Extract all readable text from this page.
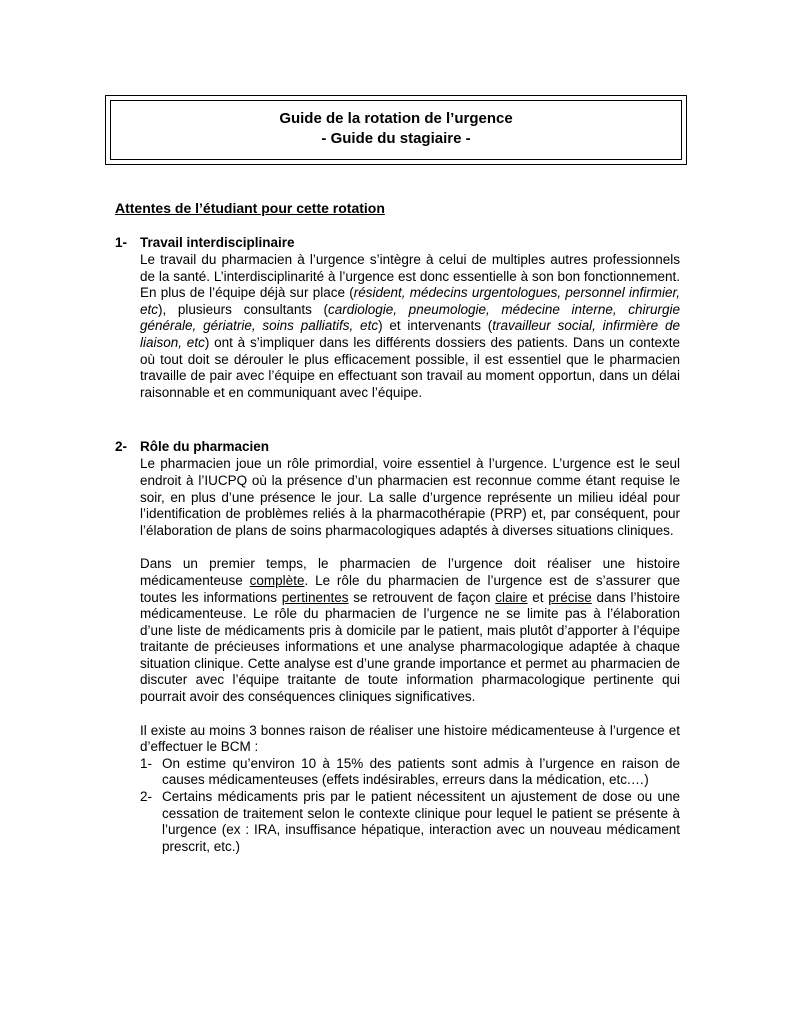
Guide de la rotation de l’urgence
- Guide du stagiaire -
Attentes de l’étudiant pour cette rotation
1- Travail interdisciplinaire

Le travail du pharmacien à l’urgence s’intègre à celui de multiples autres professionnels de la santé. L’interdisciplinarité à l’urgence est donc essentielle à son bon fonctionnement. En plus de l’équipe déjà sur place (résident, médecins urgentologues, personnel infirmier, etc), plusieurs consultants (cardiologie, pneumologie, médecine interne, chirurgie générale, gériatrie, soins palliatifs, etc) et intervenants (travailleur social, infirmière de liaison, etc) ont à s’impliquer dans les différents dossiers des patients. Dans un contexte où tout doit se dérouler le plus efficacement possible, il est essentiel que le pharmacien travaille de pair avec l’équipe en effectuant son travail au moment opportun, dans un délai raisonnable et en communiquant avec l’équipe.

2- Rôle du pharmacien

Le pharmacien joue un rôle primordial, voire essentiel à l’urgence. L’urgence est le seul endroit à l’IUCPQ où la présence d’un pharmacien est reconnue comme étant requise le soir, en plus d’une présence le jour. La salle d’urgence représente un milieu idéal pour l’identification de problèmes reliés à la pharmacothérapie (PRP) et, par conséquent, pour l’élaboration de plans de soins pharmacologiques adaptés à diverses situations cliniques.

Dans un premier temps, le pharmacien de l’urgence doit réaliser une histoire médicamenteuse complète. Le rôle du pharmacien de l’urgence est de s’assurer que toutes les informations pertinentes se retrouvent de façon claire et précise dans l’histoire médicamenteuse. Le rôle du pharmacien de l’urgence ne se limite pas à l’élaboration d’une liste de médicaments pris à domicile par le patient, mais plutôt d’apporter à l’équipe traitante de précieuses informations et une analyse pharmacologique adaptée à chaque situation clinique. Cette analyse est d’une grande importance et permet au pharmacien de discuter avec l’équipe traitante de toute information pharmacologique pertinente qui pourrait avoir des conséquences cliniques significatives.

Il existe au moins 3 bonnes raison de réaliser une histoire médicamenteuse à l’urgence et d’effectuer le BCM :

1- On estime qu’environ 10 à 15% des patients sont admis à l’urgence en raison de causes médicamenteuses (effets indésirables, erreurs dans la médication, etc.…)
2- Certains médicaments pris par le patient nécessitent un ajustement de dose ou une cessation de traitement selon le contexte clinique pour lequel le patient se présente à l’urgence (ex : IRA, insuffisance hépatique, interaction avec un nouveau médicament prescrit, etc.)
